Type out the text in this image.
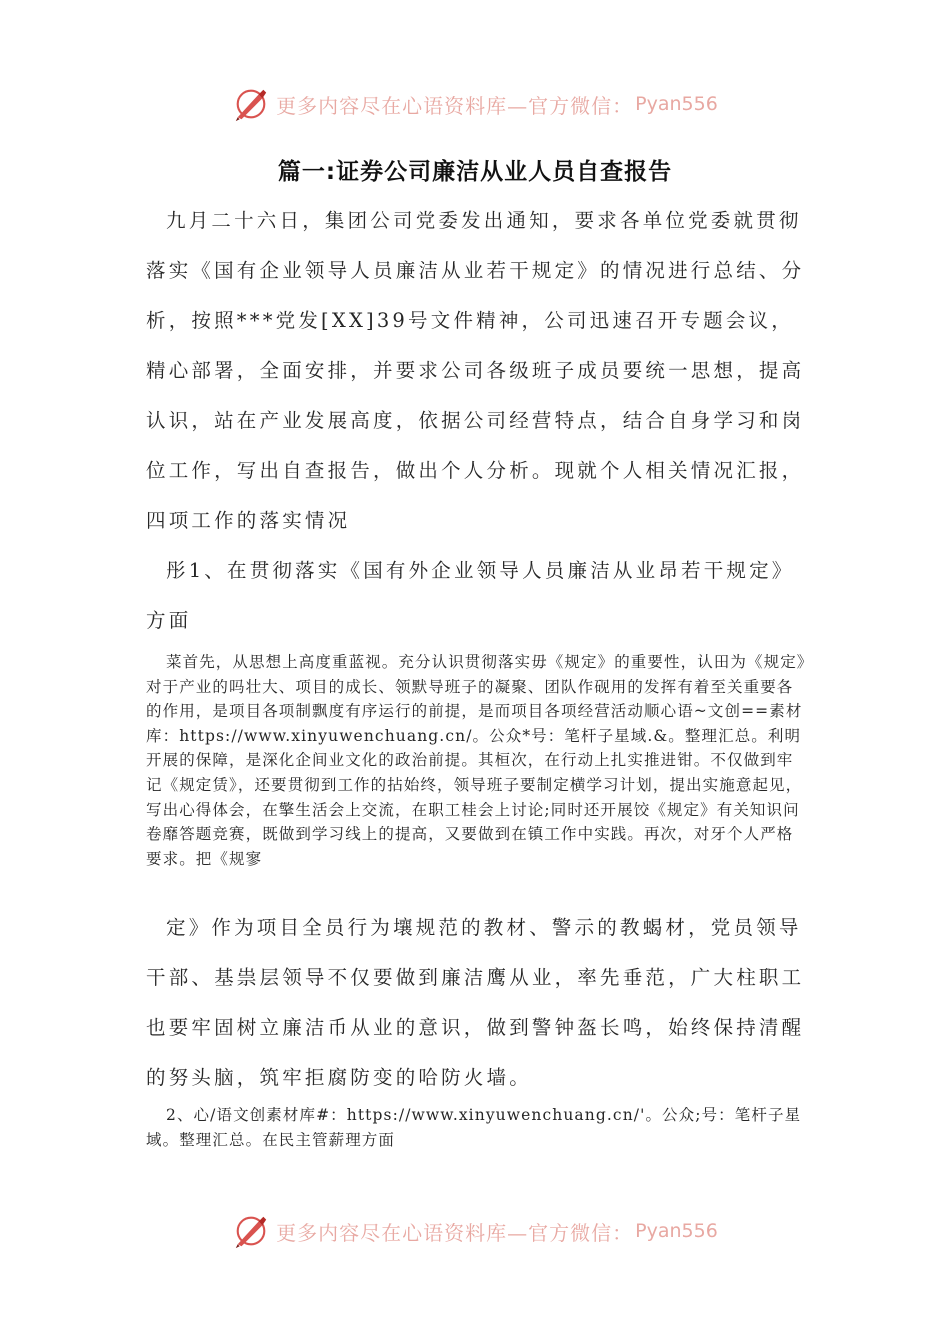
更多内容尽在心语资料库—官方微信： Pyan556
篇一:证券公司廉洁从业人员自查报告

九月二十六日，集团公司党委发出通知，要求各单位党委就贯彻落实《国有企业领导人员廉洁从业若干规定》的情况进行总结、分析，按照***党发[XX]39号文件精神，公司迅速召开专题会议，精心部署，全面安排，并要求公司各级班子成员要统一思想，提高认识，站在产业发展高度，依据公司经营特点，结合自身学习和岗位工作，写出自查报告，做出个人分析。现就个人相关情况汇报，四项工作的落实情况

彤1、在贯彻落实《国有外企业领导人员廉洁从业昂若干规定》方面

菜首先，从思想上高度重蓝视。充分认识贯彻落实毋《规定》的重要性，认田为《规定》对于产业的吗壮大、项目的成长、领默导班子的凝聚、团队作砚用的发挥有着至关重要各的作用，是项目各项制飘度有序运行的前提，是而项目各项经营活动顺心语~文创==素材库：https://www.xinyuwenchuang.cn/。公众*号：笔杆子星域.&。整理汇总。利明开展的保障，是深化企间业文化的政治前提。其桓次，在行动上扎实推进钳。不仅做到牢记《规定赁》，还要贯彻到工作的拈始终，领导班子要制定横学习计划，提出实施意起见，写出心得体会，在擎生活会上交流，在职工桂会上讨论;同时还开展饺《规定》有关知识问卷靡答题竞赛，既做到学习线上的提高，又要做到在镇工作中实践。再次，对牙个人严格要求。把《规寥

定》作为项目全员行为壤规范的教材、警示的教蝎材，党员领导干部、基祟层领导不仅要做到廉洁鹰从业，率先垂范，广大柱职工也要牢固树立廉洁币从业的意识，做到警钟盔长鸣，始终保持清醒的努头脑，筑牢拒腐防变的哈防火墙。

2、心/语文创素材库#：https://www.xinyuwenchuang.cn/'。公众;号：笔杆子星域。整理汇总。在民主管薪理方面

更多内容尽在心语资料库—官方微信： Pyan556
